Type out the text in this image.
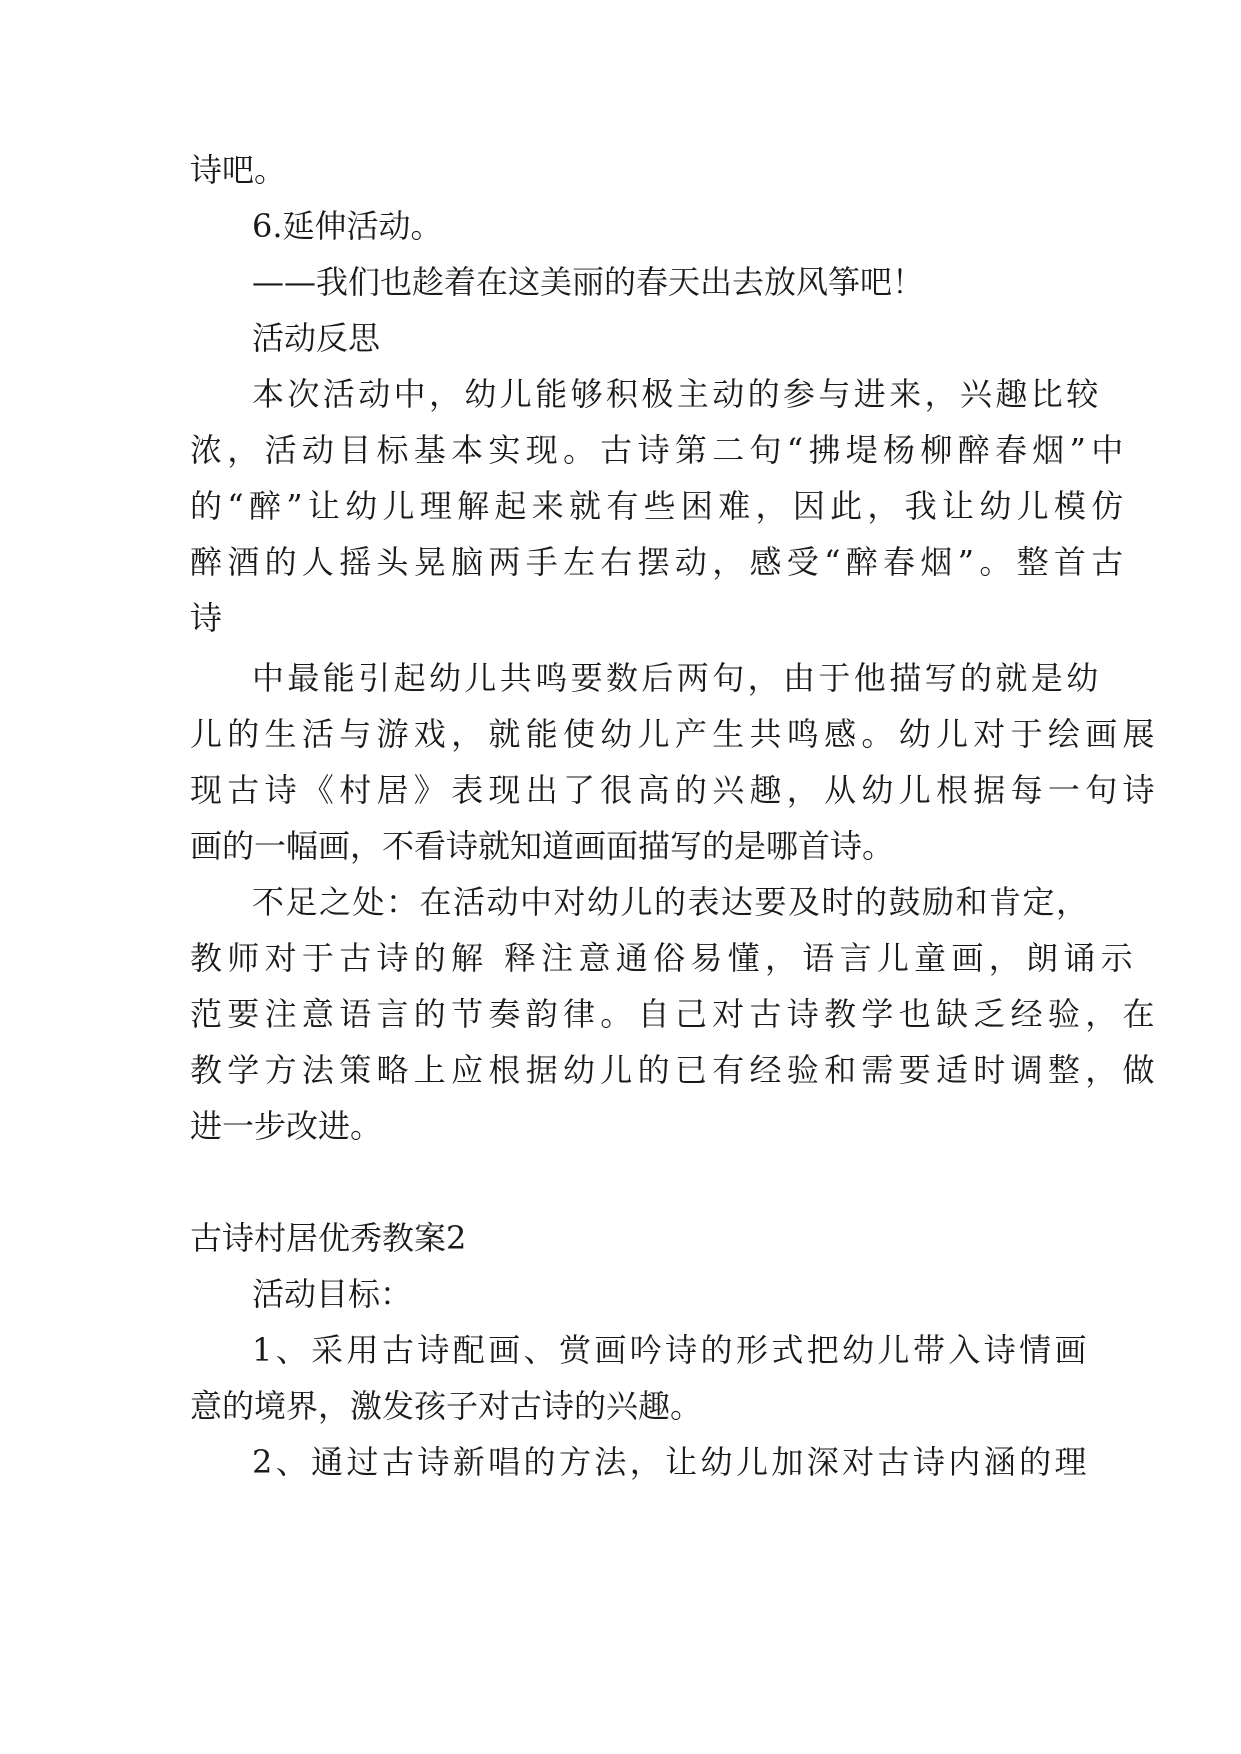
诗吧。

6.延伸活动。

——我们也趁着在这美丽的春天出去放风筝吧！

活动反思

本次活动中，幼儿能够积极主动的参与进来，兴趣比较

浓，活动目标基本实现。古诗第二句“拂堤杨柳醉春烟”中

的“醉”让幼儿理解起来就有些困难，因此，我让幼儿模仿

醉酒的人摇头晃脑两手左右摆动，感受“醉春烟”。整首古

诗

中最能引起幼儿共鸣要数后两句，由于他描写的就是幼

儿的生活与游戏，就能使幼儿产生共鸣感。幼儿对于绘画展

现古诗《村居》表现出了很高的兴趣，从幼儿根据每一句诗

画的一幅画，不看诗就知道画面描写的是哪首诗。

不足之处：在活动中对幼儿的表达要及时的鼓励和肯定，

教师对于古诗的解 释注意通俗易懂，语言儿童画，朗诵示

范要注意语言的节奏韵律。自己对古诗教学也缺乏经验，在

教学方法策略上应根据幼儿的已有经验和需要适时调整，做

进一步改进。

古诗村居优秀教案2

活动目标：

1、采用古诗配画、赏画吟诗的形式把幼儿带入诗情画

意的境界，激发孩子对古诗的兴趣。

2、通过古诗新唱的方法，让幼儿加深对古诗内涵的理
